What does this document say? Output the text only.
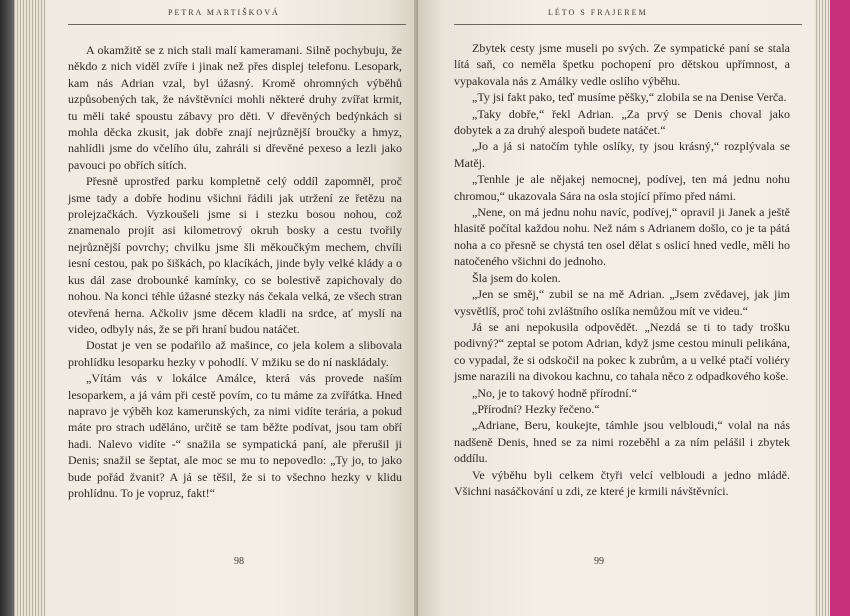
PETRA MARTIŠKOVÁ

A okamžitě se z nich stali malí kameramani. Silně pochybuju, že někdo z nich viděl zvíře i jinak než přes displej telefonu. Lesopark, kam nás Adrian vzal, byl úžasný. Kromě ohromných výběhů uzpůsobených tak, že návštěvníci mohli některé druhy zvířat krmit, tu měli také spoustu zábavy pro děti. V dřevěných bedýnkách si mohla děcka zkusit, jak dobře znají nejrůznější broučky a hmyz, nahlídli jsme do včelího úlu, zahráli si dřevěné pexeso a lezli jako pavouci po obřích sítích.

Přesně uprostřed parku kompletně celý oddíl zapomněl, proč jsme tady a dobře hodinu všichni řádili jak utržení ze řetězu na prolejzačkách. Vyzkoušeli jsme si i stezku bosou nohou, což znamenalo projít asi kilometrový okruh bosky a cestu tvořily nejrůznější povrchy; chvilku jsme šli měkoučkým mechem, chvíli iesní cestou, pak po šiškách, po klacíkách, jinde byly velké klády a o kus dál zase drobounké kamínky, co se bolestivě zapichovaly do nohou. Na konci téhle úžasné stezky nás čekala velká, ze všech stran otevřená herna. Ačkoliv jsme děcem kladli na srdce, ať myslí na video, odbyly nás, že se při hraní budou natáčet.

Dostat je ven se podařilo až mašince, co jela kolem a slibovala prohlídku lesoparku hezky v pohodlí. V mžiku se do ní naskládaly.

„Vítám vás v lokálce Amálce, která vás provede naším lesoparkem, a já vám při cestě povím, co tu máme za zvířátka. Hned napravo je výběh koz kamerunských, za nimi vidíte terária, a pokud máte pro strach uděláno, určitě se tam běžte podívat, jsou tam obří hadi. Nalevo vidíte -“ snažila se sympatická paní, ale přerušil ji Denis; snažil se šeptat, ale moc se mu to nepovedlo: „Ty jo, to jako bude pořád žvanit? A já se těšil, že si to všechno hezky v klidu prohlídnu. To je vopruz, fakt!“

98
LÉTO S FRAJEREM

Zbytek cesty jsme museli po svých. Ze sympatické paní se stala lítá saň, co neměla špetku pochopení pro dětskou upřímnost, a vypakovala nás z Amálky vedle oslího výběhu.

„Ty jsi fakt pako, teď musíme pěšky,“ zlobila se na Denise Verča.

„Taky dobře,“ řekl Adrian. „Za prvý se Denis choval jako dobytek a za druhý alespoň budete natáčet.“

„Jo a já si natočím tyhle oslíky, ty jsou krásný,“ rozplývala se Matěj.

„Tenhle je ale nějakej nemocnej, podívej, ten má jednu nohu chromou,“ ukazovala Sára na osla stojící přímo před námi.

„Nene, on má jednu nohu navíc, podívej,“ opravil ji Janek a ještě hlasitě počítal každou nohu. Než nám s Adrianem došlo, co je ta pátá noha a co přesně se chystá ten osel dělat s oslicí hned vedle, měli ho natočeného všichni do jednoho.

Šla jsem do kolen.

„Jen se směj,“ zubil se na mě Adrian. „Jsem zvědavej, jak jim vysvětlíš, proč tohi zvláštního oslíka nemůžou mít ve videu.“

Já se ani nepokusila odpovědět. „Nezdá se ti to tady trošku podivný?“ zeptal se potom Adrian, když jsme cestou minuli pelikána, co vypadal, že si odskočil na pokec k zubrům, a u velké ptačí voliéry jsme narazili na divokou kachnu, co tahala něco z odpadkového koše.

„No, je to takový hodně přírodní.“

„Přírodní? Hezky řečeno.“

„Adriane, Beru, koukejte, támhle jsou velbloudi,“ volal na nás nadšeně Denis, hned se za nimi rozeběhl a za ním pelášil i zbytek oddílu.

Ve výběhu byli celkem čtyři velcí velbloudi a jedno mládě. Všichni nasáčkování u zdi, ze které je krmili návštěvníci.

99
